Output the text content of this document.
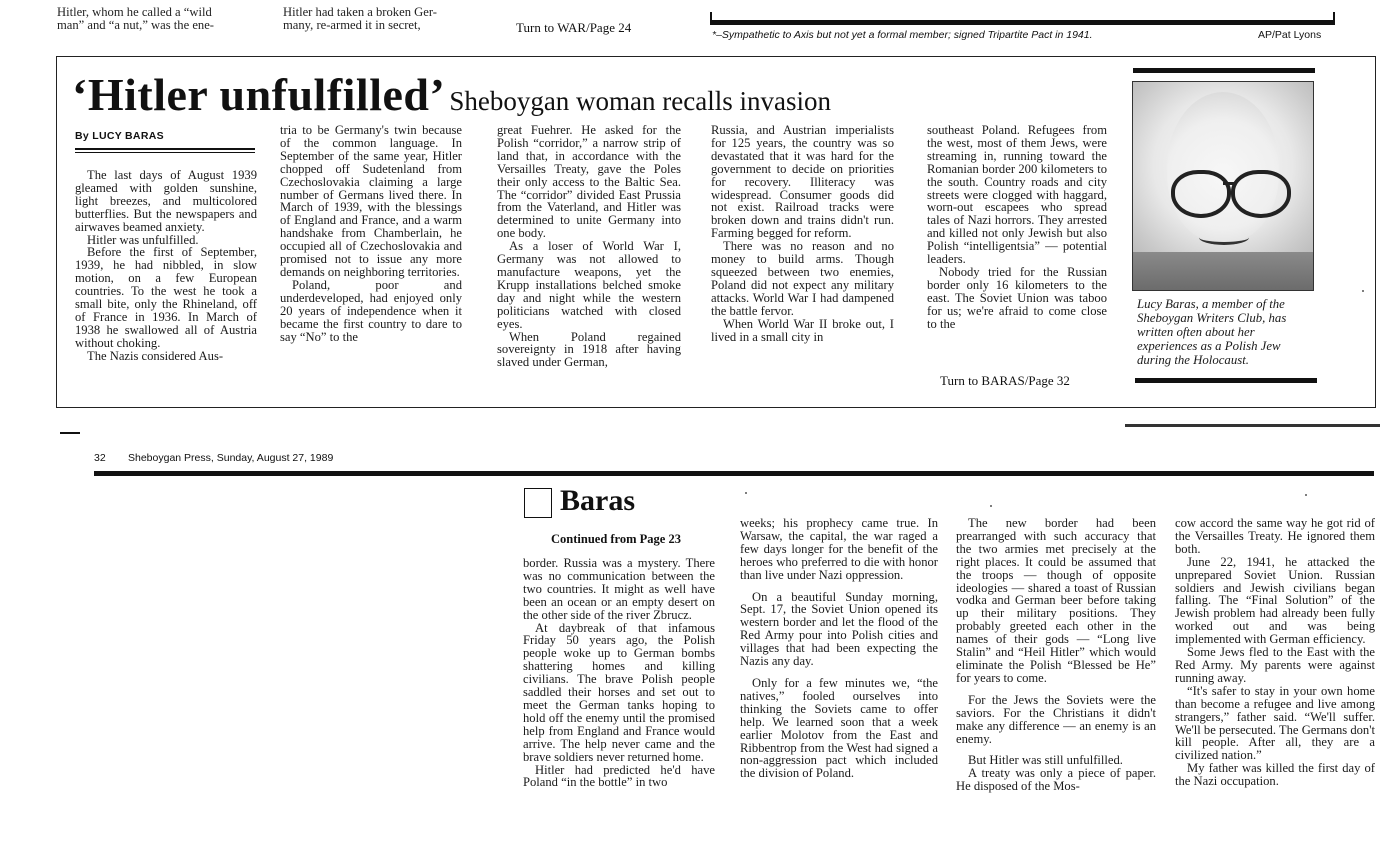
Hitler, whom he called a “wild
man” and “a nut,” was the ene-
Hitler had taken a broken Ger-
many, re-armed it in secret,	Turn to WAR/Page 24	*–Sympathetic to Axis but not yet a formal member; signed Tripartite Pact in 1941.	AP/Pat Lyons
‘Hitler unfulfilled’ Sheboygan woman recalls invasion
By LUCY BARAS

The last days of August 1939 gleamed with golden sunshine, light breezes, and multicolored butterflies. But the newspapers and airwaves beamed anxiety.

Hitler was unfulfilled.

Before the first of September, 1939, he had nibbled, in slow motion, on a few European countries. To the west he took a small bite, only the Rhineland, off of France in 1936. In March of 1938 he swallowed all of Austria without choking.

The Nazis considered Aus-

tria to be Germany's twin because of the common language. In September of the same year, Hitler chopped off Sudetenland from Czechoslovakia claiming a large number of Germans lived there. In March of 1939, with the blessings of England and France, and a warm handshake from Chamberlain, he occupied all of Czechoslovakia and promised not to issue any more demands on neighboring territories.

Poland, poor and underdeveloped, had enjoyed only 20 years of independence when it became the first country to dare to say “No” to the

great Fuehrer. He asked for the Polish “corridor,” a narrow strip of land that, in accordance with the Versailles Treaty, gave the Poles their only access to the Baltic Sea. The “corridor” divided East Prussia from the Vaterland, and Hitler was determined to unite Germany into one body.

As a loser of World War I, Germany was not allowed to manufacture weapons, yet the Krupp installations belched smoke day and night while the western politicians watched with closed eyes.

When Poland regained sovereignty in 1918 after having slaved under German,

Russia, and Austrian imperialists for 125 years, the country was so devastated that it was hard for the government to decide on priorities for recovery. Illiteracy was widespread. Consumer goods did not exist. Railroad tracks were broken down and trains didn't run. Farming begged for reform.

There was no reason and no money to build arms. Though squeezed between two enemies, Poland did not expect any military attacks. World War I had dampened the battle fervor.

When World War II broke out, I lived in a small city in

southeast Poland. Refugees from the west, most of them Jews, were streaming in, running toward the Romanian border 200 kilometers to the south. Country roads and city streets were clogged with haggard, worn-out escapees who spread tales of Nazi horrors. They arrested and killed not only Jewish but also Polish “intelligentsia” — potential leaders.

Nobody tried for the Russian border only 16 kilometers to the east. The Soviet Union was taboo for us; we're afraid to come close to the

Turn to BARAS/Page 32
Lucy Baras, a member of the Sheboygan Writers Club, has written often about her experiences as a Polish Jew during the Holocaust.
32 Sheboygan Press, Sunday, August 27, 1989
Baras
Continued from Page 23

border. Russia was a mystery. There was no communication between the two countries. It might as well have been an ocean or an empty desert on the other side of the river Zbrucz.

At daybreak of that infamous Friday 50 years ago, the Polish people woke up to German bombs shattering homes and killing civilians. The brave Polish people saddled their horses and set out to meet the German tanks hoping to hold off the enemy until the promised help from England and France would arrive. The help never came and the brave soldiers never returned home.

Hitler had predicted he'd have Poland “in the bottle” in two

weeks; his prophecy came true. In Warsaw, the capital, the war raged a few days longer for the benefit of the heroes who preferred to die with honor than live under Nazi oppression.

On a beautiful Sunday morning, Sept. 17, the Soviet Union opened its western border and let the flood of the Red Army pour into Polish cities and villages that had been expecting the Nazis any day.

Only for a few minutes we, “the natives,” fooled ourselves into thinking the Soviets came to offer help. We learned soon that a week earlier Molotov from the East and Ribbentrop from the West had signed a non-aggression pact which included the division of Poland.

The new border had been prearranged with such accuracy that the two armies met precisely at the right places. It could be assumed that the troops — though of opposite ideologies — shared a toast of Russian vodka and German beer before taking up their military positions. They probably greeted each other in the names of their gods — “Long live Stalin” and “Heil Hitler” which would eliminate the Polish “Blessed be He” for years to come.

For the Jews the Soviets were the saviors. For the Christians it didn't make any difference — an enemy is an enemy.

But Hitler was still unfulfilled.

A treaty was only a piece of paper. He disposed of the Mos-

cow accord the same way he got rid of the Versailles Treaty. He ignored them both.

June 22, 1941, he attacked the unprepared Soviet Union. Russian soldiers and Jewish civilians began falling. The “Final Solution” of the Jewish problem had already been fully worked out and was being implemented with German efficiency.

Some Jews fled to the East with the Red Army. My parents were against running away.

“It's safer to stay in your own home than become a refugee and live among strangers,” father said. “We'll suffer. We'll be persecuted. The Germans don't kill people. After all, they are a civilized nation.”

My father was killed the first day of the Nazi occupation.
